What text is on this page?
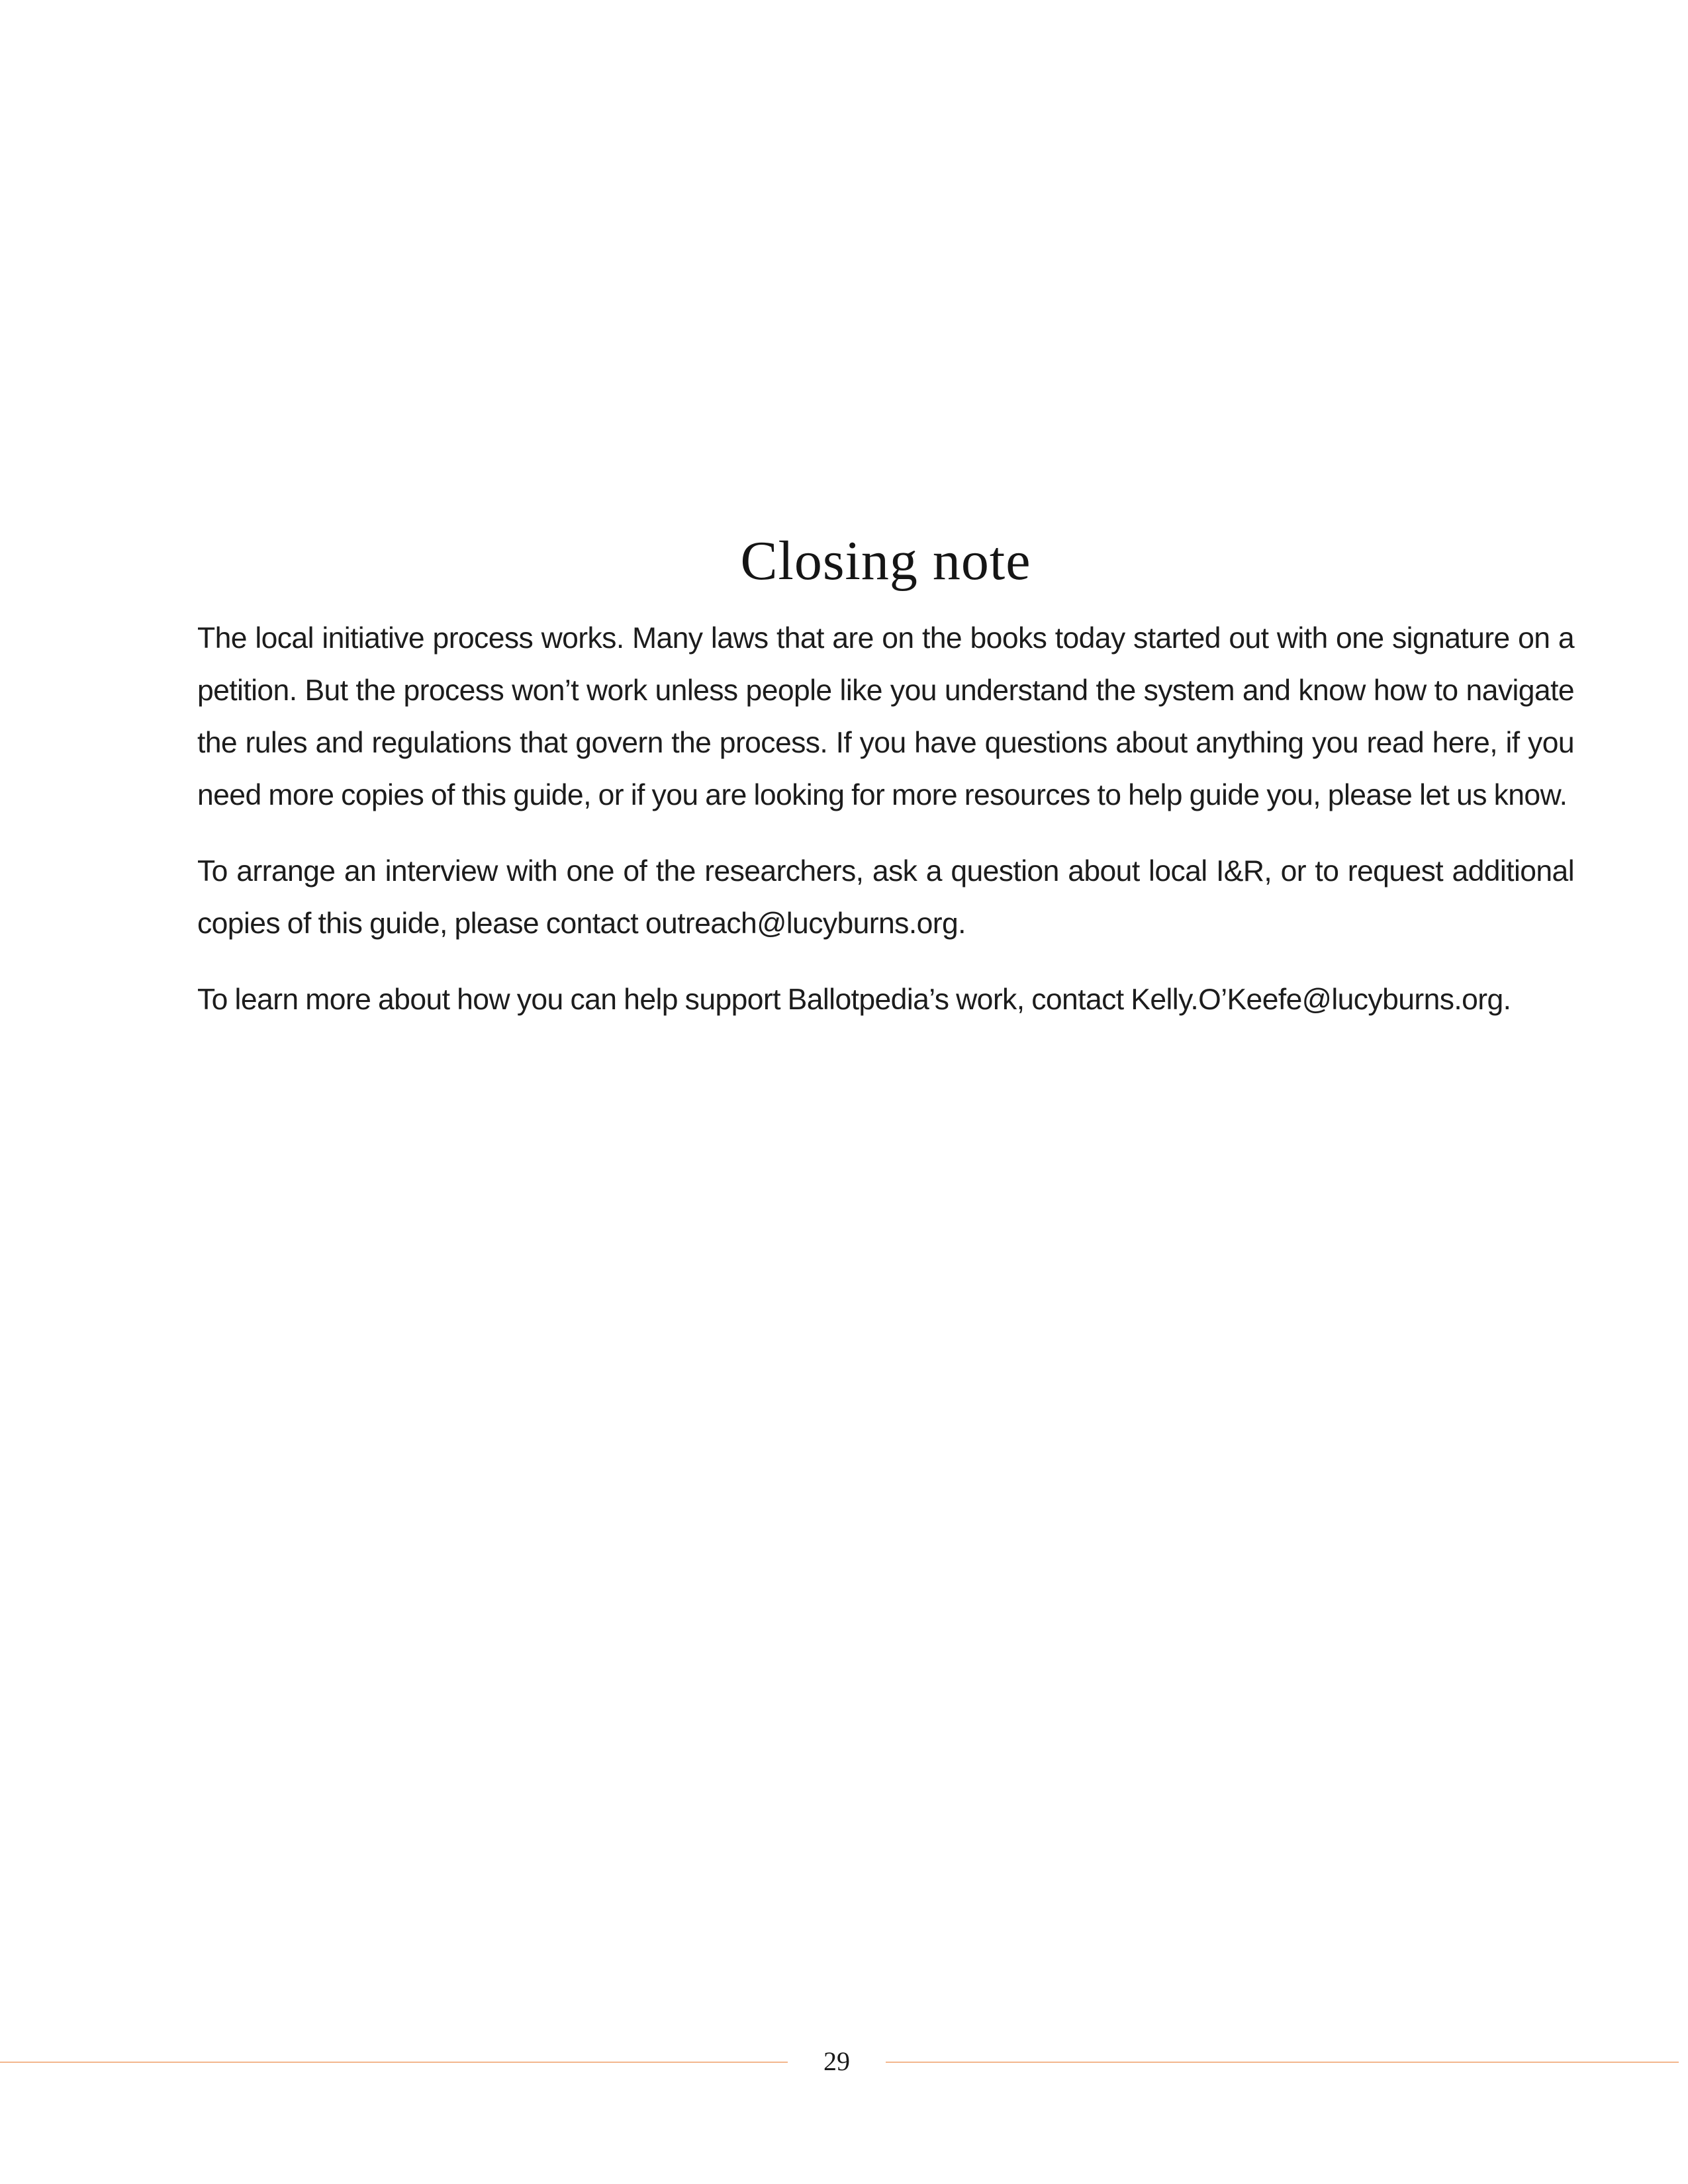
Closing note

The local initiative process works. Many laws that are on the books today started out with one signature on a petition. But the process won’t work unless people like you understand the system and know how to navigate the rules and regulations that govern the process. If you have questions about anything you read here, if you need more copies of this guide, or if you are looking for more resources to help guide you, please let us know.

To arrange an interview with one of the researchers, ask a question about local I&R, or to request additional copies of this guide, please contact outreach@lucyburns.org.

To learn more about how you can help support Ballotpedia’s work, contact Kelly.O’Keefe@lucyburns.org.

29
